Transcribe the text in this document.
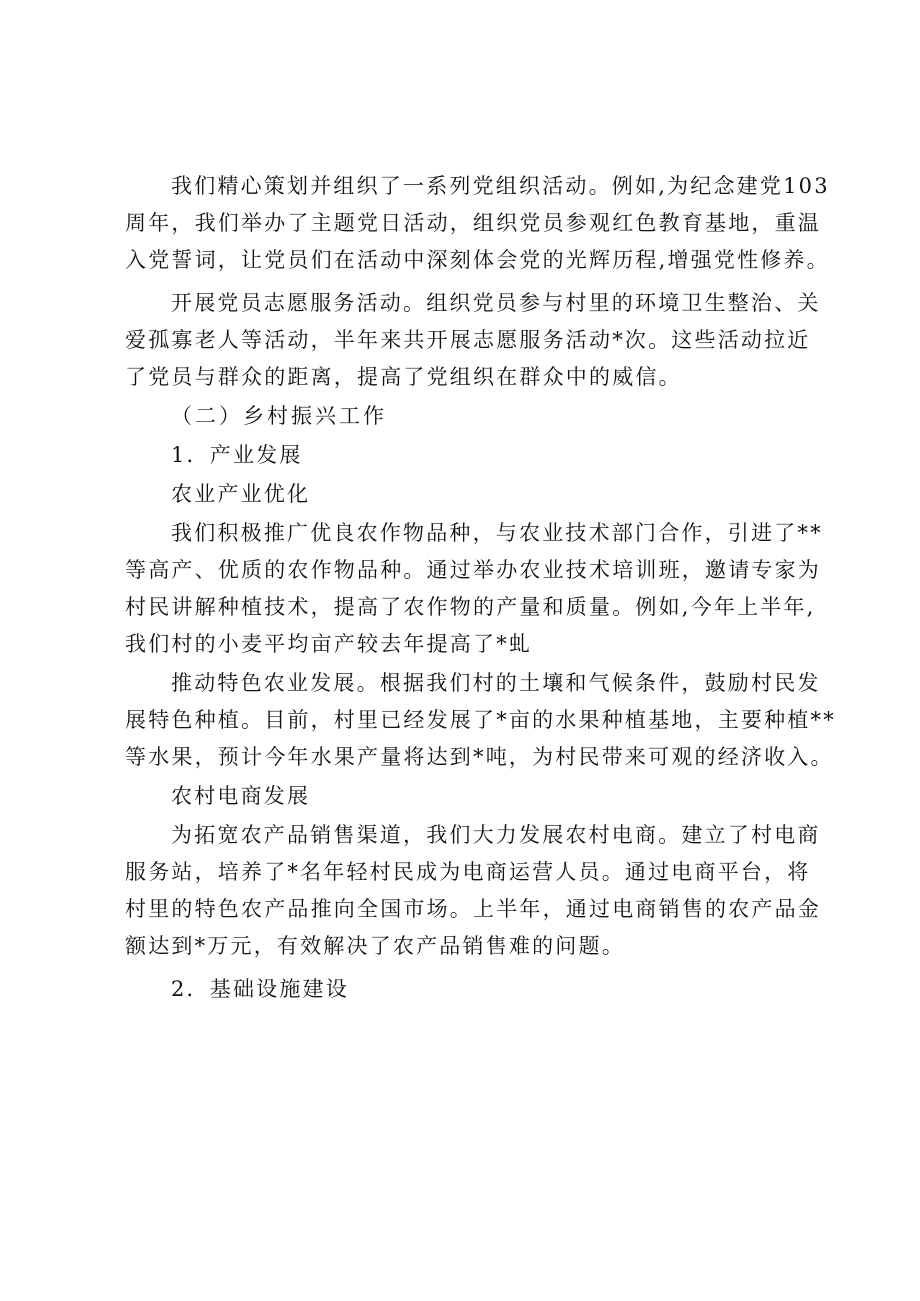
我们精心策划并组织了一系列党组织活动。例如,为纪念建党103
周年，我们举办了主题党日活动，组织党员参观红色教育基地，重温
入党誓词，让党员们在活动中深刻体会党的光辉历程,增强党性修养。
开展党员志愿服务活动。组织党员参与村里的环境卫生整治、关
爱孤寡老人等活动，半年来共开展志愿服务活动*次。这些活动拉近
了党员与群众的距离，提高了党组织在群众中的威信。
（二）乡村振兴工作
1．产业发展
农业产业优化
我们积极推广优良农作物品种，与农业技术部门合作，引进了**
等高产、优质的农作物品种。通过举办农业技术培训班，邀请专家为
村民讲解种植技术，提高了农作物的产量和质量。例如,今年上半年,
我们村的小麦平均亩产较去年提高了*虬
推动特色农业发展。根据我们村的土壤和气候条件，鼓励村民发
展特色种植。目前，村里已经发展了*亩的水果种植基地，主要种植**
等水果，预计今年水果产量将达到*吨，为村民带来可观的经济收入。
农村电商发展
为拓宽农产品销售渠道，我们大力发展农村电商。建立了村电商
服务站，培养了*名年轻村民成为电商运营人员。通过电商平台，将
村里的特色农产品推向全国市场。上半年，通过电商销售的农产品金
额达到*万元，有效解决了农产品销售难的问题。
2．基础设施建设
